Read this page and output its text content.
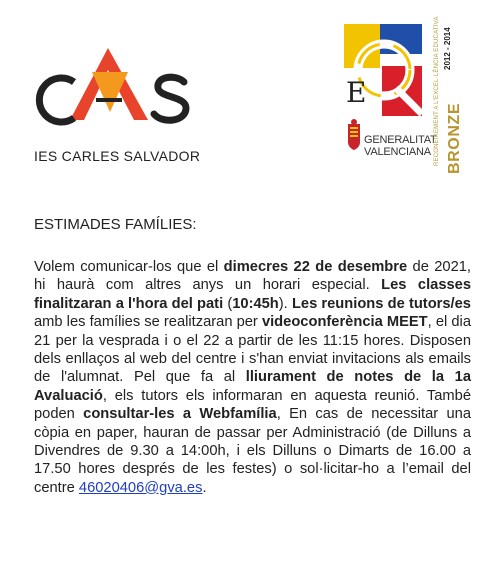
IES CARLES SALVADOR
E
GENERALITAT
VALENCIANA RECONEIXEMENT A L'EXCEL·LÈNCIA EDUCATIVA 2012 - 2014
BRONZE
ESTIMADES FAMÍLIES:

Volem comunicar-los que el dimecres 22 de desembre de 2021, hi haurà com altres anys un horari especial. Les classes finalitzaran a l'hora del pati (10:45h). Les reunions de tutors/es amb les famílies se realitzaran per videoconferència MEET, el dia 21 per la vesprada i o el 22 a partir de les 11:15 hores. Disposen dels enllaços al web del centre i s'han enviat invitacions als emails de l'alumnat. Pel que fa al lliurament de notes de la 1a Avaluació, els tutors els informaran en aquesta reunió. També poden consultar-les a Webfamília, En cas de necessitar una còpia en paper, hauran de passar per Administració (de Dilluns a Divendres de 9.30 a 14:00h, i els Dilluns o Dimarts de 16.00 a 17.50 hores després de les festes) o sol·licitar-ho a l’email del centre 46020406@gva.es.
